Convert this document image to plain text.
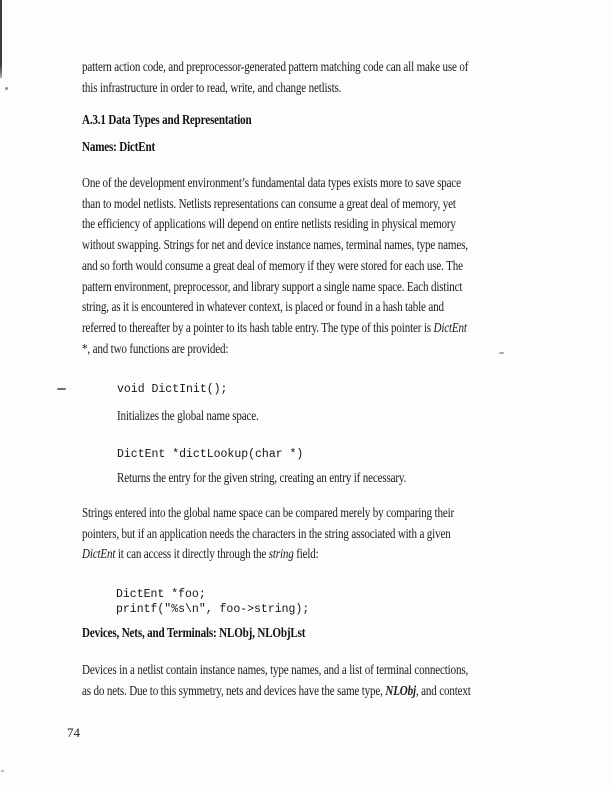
pattern action code, and preprocessor-generated pattern matching code can all make use of
this infrastructure in order to read, write, and change netlists.
A.3.1 Data Types and Representation
Names: DictEnt
One of the development environment’s fundamental data types exists more to save space
than to model netlists. Netlists representations can consume a great deal of memory, yet
the efficiency of applications will depend on entire netlists residing in physical memory
without swapping. Strings for net and device instance names, terminal names, type names,
and so forth would consume a great deal of memory if they were stored for each use. The
pattern environment, preprocessor, and library support a single name space. Each distinct
string, as it is encountered in whatever context, is placed or found in a hash table and
referred to thereafter by a pointer to its hash table entry. The type of this pointer is DictEnt
*, and two functions are provided:
void DictInit();
Initializes the global name space.
DictEnt *dictLookup(char *)
Returns the entry for the given string, creating an entry if necessary.
Strings entered into the global name space can be compared merely by comparing their
pointers, but if an application needs the characters in the string associated with a given
DictEnt it can access it directly through the string field:
DictEnt *foo;
printf("%s\n", foo->string);
Devices, Nets, and Terminals: NLObj, NLObjLst
Devices in a netlist contain instance names, type names, and a list of terminal connections,
as do nets. Due to this symmetry, nets and devices have the same type, NLObj, and context
74
